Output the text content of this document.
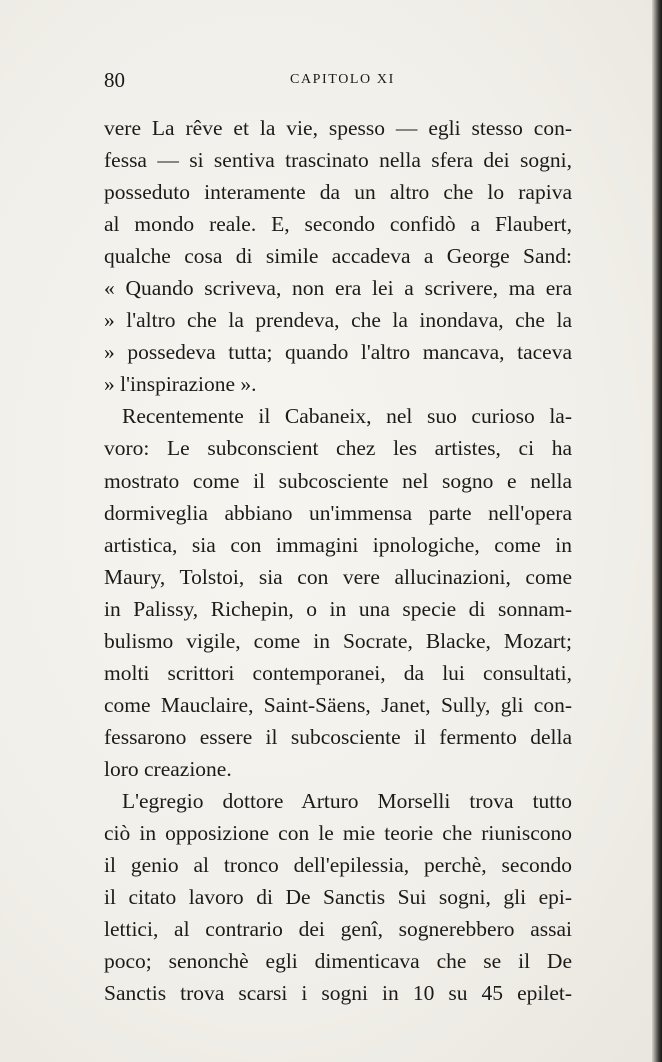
80	CAPITOLO XI
vere La rêve et la vie, spesso — egli stesso con-
fessa — si sentiva trascinato nella sfera dei sogni,
posseduto interamente da un altro che lo rapiva
al mondo reale. E, secondo confidò a Flaubert,
qualche cosa di simile accadeva a George Sand:
« Quando scriveva, non era lei a scrivere, ma era
» l'altro che la prendeva, che la inondava, che la
» possedeva tutta; quando l'altro mancava, taceva
» l'inspirazione ».
Recentemente il Cabaneix, nel suo curioso la-
voro: Le subconscient chez les artistes, ci ha
mostrato come il subcosciente nel sogno e nella
dormiveglia abbiano un'immensa parte nell'opera
artistica, sia con immagini ipnologiche, come in
Maury, Tolstoi, sia con vere allucinazioni, come
in Palissy, Richepin, o in una specie di sonnam-
bulismo vigile, come in Socrate, Blacke, Mozart;
molti scrittori contemporanei, da lui consultati,
come Mauclaire, Saint-Säens, Janet, Sully, gli con-
fessarono essere il subcosciente il fermento della
loro creazione.
L'egregio dottore Arturo Morselli trova tutto
ciò in opposizione con le mie teorie che riuniscono
il genio al tronco dell'epilessia, perchè, secondo
il citato lavoro di De Sanctis Sui sogni, gli epi-
lettici, al contrario dei genî, sognerebbero assai
poco; senonchè egli dimenticava che se il De
Sanctis trova scarsi i sogni in 10 su 45 epilet-
